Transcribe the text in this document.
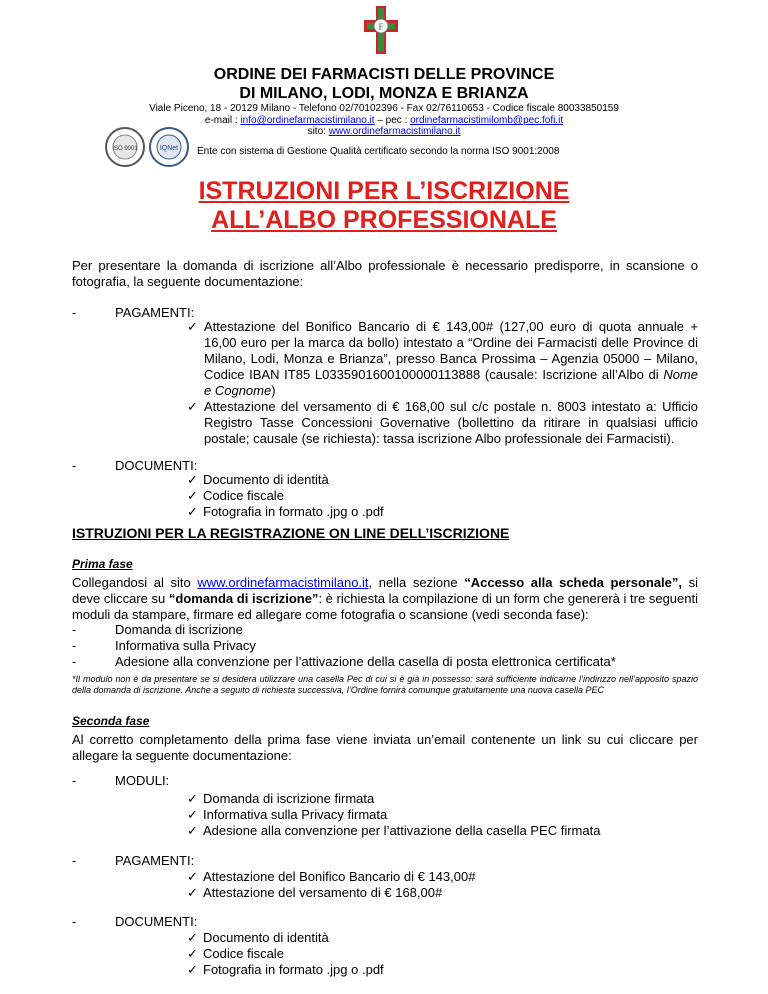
F
ORDINE DEI FARMACISTI DELLE PROVINCE
DI MILANO, LODI, MONZA E BRIANZA
Viale Piceno, 18 - 20129 Milano - Telefono 02/70102396 - Fax 02/76110653 - Codice fiscale 80033850159
e-mail : info@ordinefarmacistimilano.it – pec : ordinefarmacistimilomb@pec.fofi.it
sito: www.ordinefarmacistimilano.it
ISO 9001	IQNet Ente con sistema di Gestione Qualità certificato secondo la norma ISO 9001:2008
ISTRUZIONI PER L’ISCRIZIONE
ALL’ALBO PROFESSIONALE
Per presentare la domanda di iscrizione all’Albo professionale è necessario predisporre, in scansione o fotografia, la seguente documentazione:
-	PAGAMENTI:
✓ Attestazione del Bonifico Bancario di € 143,00# (127,00 euro di quota annuale + 16,00 euro per la marca da bollo) intestato a “Ordine dei Farmacisti delle Province di Milano, Lodi, Monza e Brianza”, presso Banca Prossima – Agenzia 05000 – Milano, Codice IBAN IT85 L0335901600100000113888 (causale: Iscrizione all’Albo di Nome e Cognome)
✓ Attestazione del versamento di € 168,00 sul c/c postale n. 8003 intestato a: Ufficio Registro Tasse Concessioni Governative (bollettino da ritirare in qualsiasi ufficio postale; causale (se richiesta): tassa iscrizione Albo professionale dei Farmacisti).
-	DOCUMENTI:
✓ Documento di identità
✓ Codice fiscale
✓ Fotografia in formato .jpg o .pdf
ISTRUZIONI PER LA REGISTRAZIONE ON LINE DELL’ISCRIZIONE
Prima fase
Collegandosi al sito www.ordinefarmacistimilano.it, nella sezione “Accesso alla scheda personale”, si deve cliccare su “domanda di iscrizione”: è richiesta la compilazione di un form che genererà i tre seguenti moduli da stampare, firmare ed allegare come fotografia o scansione (vedi seconda fase):
-	Domanda di iscrizione
-	Informativa sulla Privacy
-	Adesione alla convenzione per l’attivazione della casella di posta elettronica certificata*
*Il modulo non è da presentare se si desidera utilizzare una casella Pec di cui si è già in possesso: sarà sufficiente indicarne l’indirizzo nell’apposito spazio della domanda di iscrizione. Anche a seguito di richiesta successiva, l’Ordine fornirà comunque gratuitamente una nuova casella PEC
Seconda fase
Al corretto completamento della prima fase viene inviata un’email contenente un link su cui cliccare per allegare la seguente documentazione:
-	MODULI:
✓ Domanda di iscrizione firmata
✓ Informativa sulla Privacy firmata
✓ Adesione alla convenzione per l’attivazione della casella PEC firmata
-	PAGAMENTI:
✓ Attestazione del Bonifico Bancario di € 143,00#
✓ Attestazione del versamento di € 168,00#
-	DOCUMENTI:
✓ Documento di identità
✓ Codice fiscale
✓ Fotografia in formato .jpg o .pdf
